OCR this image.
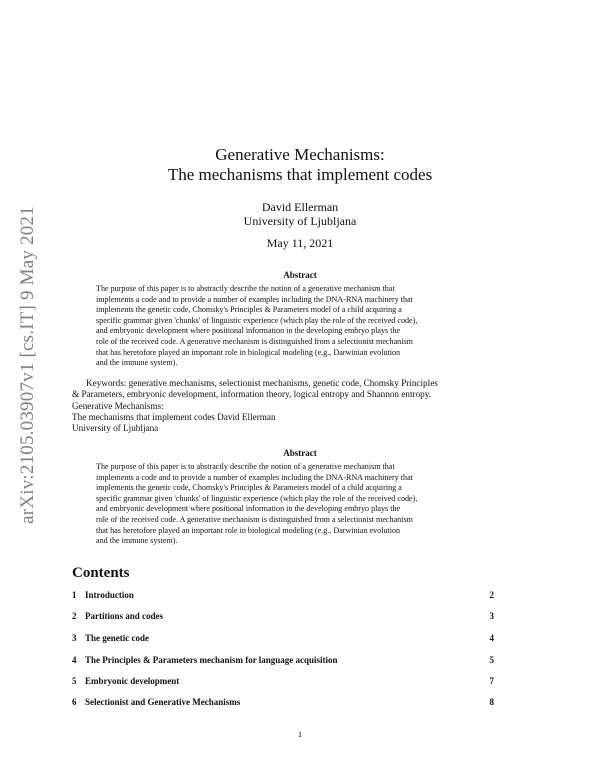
arXiv:2105.03907v1 [cs.IT] 9 May 2021
Generative Mechanisms:
The mechanisms that implement codes
David Ellerman
University of Ljubljana
May 11, 2021
Abstract
The purpose of this paper is to abstractly describe the notion of a generative mechanism that
implements a code and to provide a number of examples including the DNA-RNA machinery that
implements the genetic code, Chomsky's Principles & Parameters model of a child acquiring a
specific grammar given 'chunks' of linguistic experience (which play the role of the received code),
and embryonic development where positional information in the developing embryo plays the
role of the received code. A generative mechanism is distinguished from a selectionist mechanism
that has heretofore played an important role in biological modeling (e.g., Darwinian evolution
and the immune system).
Keywords: generative mechanisms, selectionist mechanisms, genetic code, Chomsky Principles
& Parameters, embryonic development, information theory, logical entropy and Shannon entropy.
Generative Mechanisms:
The mechanisms that implement codes David Ellerman
University of Ljubljana
Abstract
The purpose of this paper is to abstractly describe the notion of a generative mechanism that
implements a code and to provide a number of examples including the DNA-RNA machinery that
implements the genetic code, Chomsky's Principles & Parameters model of a child acquiring a
specific grammar given 'chunks' of linguistic experience (which play the role of the received code),
and embryonic development where positional information in the developing embryo plays the
role of the received code. A generative mechanism is distinguished from a selectionist mechanism
that has heretofore played an important role in biological modeling (e.g., Darwinian evolution
and the immune system).
Contents
1 Introduction	2
2 Partitions and codes	3
3 The genetic code	4
4 The Principles & Parameters mechanism for language acquisition	5
5 Embryonic development	7
6 Selectionist and Generative Mechanisms	8
1
